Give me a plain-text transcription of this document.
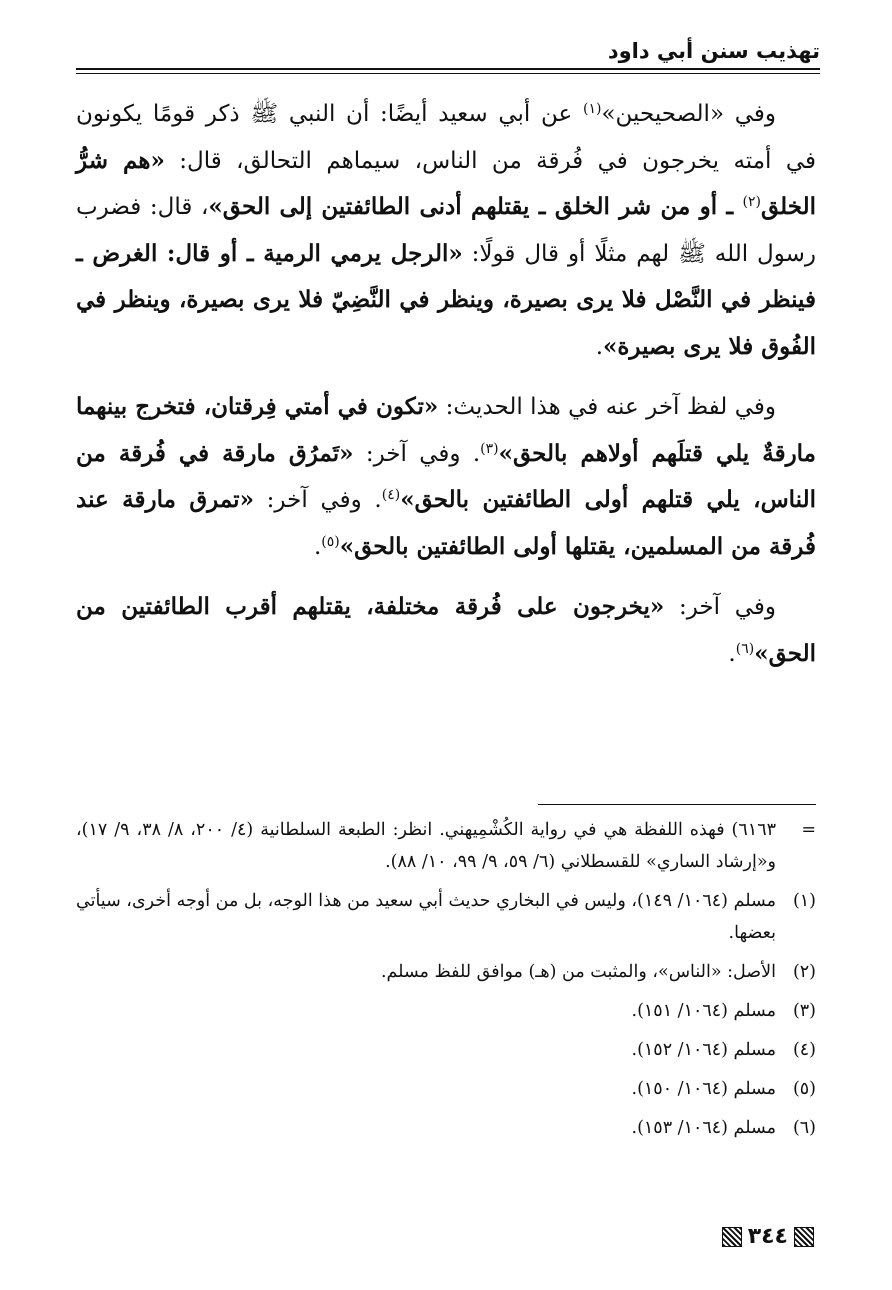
تهذيب سنن أبي داود

وفي «الصحيحين»$^{(١)}$ عن أبي سعيد أيضًا: أن النبي ﷺ ذكر قومًا يكونون في أمته يخرجون في فُرقة من الناس، سيماهم التحالق، قال: «هم شرُّ الخلق$^{(٢)}$ ـ أو من شر الخلق ـ يقتلهم أدنى الطائفتين إلى الحق»، قال: فضرب رسول الله ﷺ لهم مثلًا أو قال قولًا: «الرجل يرمي الرمية ـ أو قال: الغرض ـ فينظر في النَّصْل فلا يرى بصيرة، وينظر في النَّضِيّ فلا يرى بصيرة، وينظر في الفُوق فلا يرى بصيرة».

وفي لفظ آخر عنه في هذا الحديث: «تكون في أمتي فِرقتان، فتخرج بينهما مارقةٌ يلي قتلَهم أولاهم بالحق»$^{(٣)}$. وفي آخر: «تَمرُق مارقة في فُرقة من الناس، يلي قتلهم أولى الطائفتين بالحق»$^{(٤)}$. وفي آخر: «تمرق مارقة عند فُرقة من المسلمين، يقتلها أولى الطائفتين بالحق»$^{(٥)}$.

وفي آخر: «يخرجون على فُرقة مختلفة، يقتلهم أقرب الطائفتين من الحق»$^{(٦)}$.

=
٦١٦٣) فهذه اللفظة هي في رواية الكُشْمِيهني. انظر: الطبعة السلطانية (٤/ ٢٠٠، ٨/ ٣٨، ٩/ ١٧)، و«إرشاد الساري» للقسطلاني (٦/ ٥٩، ٩/ ٩٩، ١٠/ ٨٨).
(١)
مسلم (١٠٦٤/ ١٤٩)، وليس في البخاري حديث أبي سعيد من هذا الوجه، بل من أوجه أخرى، سيأتي بعضها.
(٢)
الأصل: «الناس»، والمثبت من (هـ) موافق للفظ مسلم.
(٣)
مسلم (١٠٦٤/ ١٥١).
(٤)
مسلم (١٠٦٤/ ١٥٢).
(٥)
مسلم (١٠٦٤/ ١٥٠).
(٦)
مسلم (١٠٦٤/ ١٥٣).
٣٤٤
